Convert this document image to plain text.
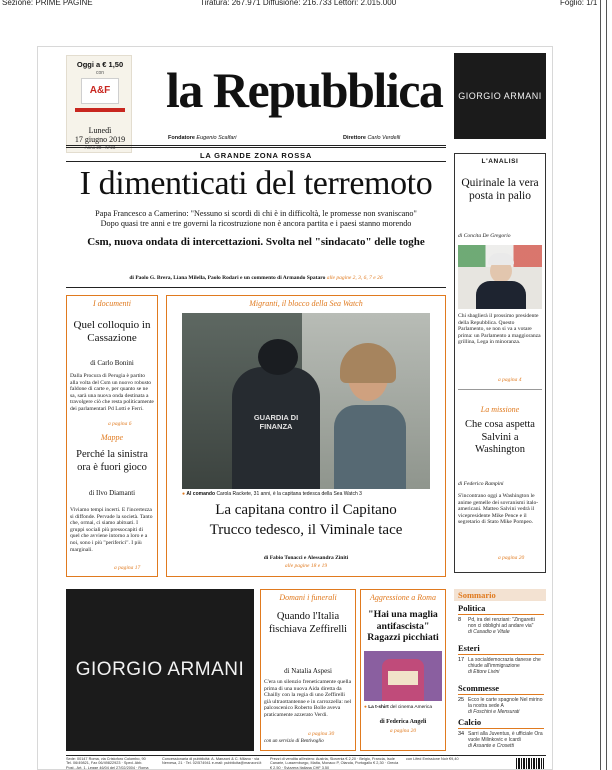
Sezione: PRIME PAGINE	Tiratura: 267.971 Diffusione: 216.733 Lettori: 2.015.000	Foglio: 1/1
Oggi a € 1,50
con
A&F
Lunedì
17 giugno 2019
la Repubblica
Fondatore Eugenio Scalfari	Direttore Carlo Verdelli
GIORGIO ARMANI
LA GRANDE ZONA ROSSA
I dimenticati del terremoto
Papa Francesco a Camerino: "Nessuno si scordi di chi è in difficoltà, le promesse non svaniscano"
Dopo quasi tre anni e tre governi la ricostruzione non è ancora partita e i paesi stanno morendo
Csm, nuova ondata di intercettazioni. Svolta nel "sindacato" delle toghe
di Paolo G. Brera, Liana Milella, Paolo Rodari e un commento di Armando Spataro alle pagine 2, 3, 6, 7 e 26
L'ANALISI
Quirinale la vera posta in palio
di Concita De Gregorio
Chi sbaglierà il prossimo presidente della Repubblica. Questo Parlamento, se non si va a votare prima: un Parlamento a maggioranza grillina, Lega in minoranza.
a pagina 4
La missione
Che cosa aspetta Salvini a Washington
di Federico Rampini
S'incontrano oggi a Washington le anime gemelle dei sovranismi italo-americani. Matteo Salvini vedrà il vicepresidente Mike Pence e il segretario di Stato Mike Pompeo.
a pagina 20
I documenti
Quel colloquio in Cassazione
di Carlo Bonini
Dalla Procura di Perugia è partito alla volta del Csm un nuovo robusto faldone di carte e, per quanto se ne sa, sarà una nuova onda destinata a travolgere ciò che resta politicamente dei parlamentari Pd Lotti e Ferri.
a pagina 6
Mappe
Perché la sinistra ora è fuori gioco
di Ilvo Diamanti
Viviamo tempi incerti. E l'incertezza si diffonde. Pervade la società. Tanto che, ormai, ci siamo abituati. I gruppi sociali più pressocapiti di quel che avviene intorno a loro e a noi, sono i più "periferici". I più marginali.
a pagina 17
Migranti, il blocco della Sea Watch
GUARDIA DI FINANZA
● Al comando Carola Rackete, 31 anni, è la capitana tedesca della Sea Watch 3
La capitana contro il Capitano
Trucco tedesco, il Viminale tace
di Fabio Tonacci e Alessandra Ziniti
alle pagine 18 e 19
GIORGIO ARMANI
Domani i funerali
Quando l'Italia fischiava Zeffirelli
di Natalia Aspesi
C'era un silenzio freneticamente quella prima di una nuova Aida diretta da Chailly con la regia di uno Zeffirelli già ultraottantenne e in carrozzella: nel palcoscenico Roberto Bolle aveva praticamente azzerato Verdi.
a pagina 30
con un servizio di Bentivoglio
Aggressione a Roma
"Hai una maglia antifascista" Ragazzi picchiati
● La t-shirt del cinema America
di Federica Angeli
a pagina 20
Sommario
Politica
8 Pd, ira dei renziani: "Zingaretti non ci obblighi ad andare via"
di Casadio e Vitale
Esteri
17 La socialdemocrazia danese che chiude all'immigrazione
di Ettore Livini
Scommesse
25 Ecco le carte spagnole Nel mirino la nostra sede A
di Foschini e Mensurati
Calcio
34 Sarri alla Juventus, è ufficiale Ora vuole Milinkovic e Icardi
di Assante e Crosetti
Sede: 00147 Roma, via Cristoforo Colombo, 90 Tel. 06/49821, Fax 06/49822923 · Sped. Abb. Post., Art. 1, Legge 46/04 del 27/02/2004 · Roma
Concessionaria di pubblicità: A. Manzoni & C. Milano · via Nervesa, 21 · Tel. 02/574941 e-mail: pubblicita@manzoni.it
Prezzi di vendita all'estero: Austria, Slovenia € 2,20 · Belgio, Francia, Isole Canarie, Lussemburgo, Malta, Monaco P, Olanda, Portogallo € 2,30 · Grecia € 2,50 · Svizzera Italiana CHF 3,50
con Lifed Emissione Noir €9,40
